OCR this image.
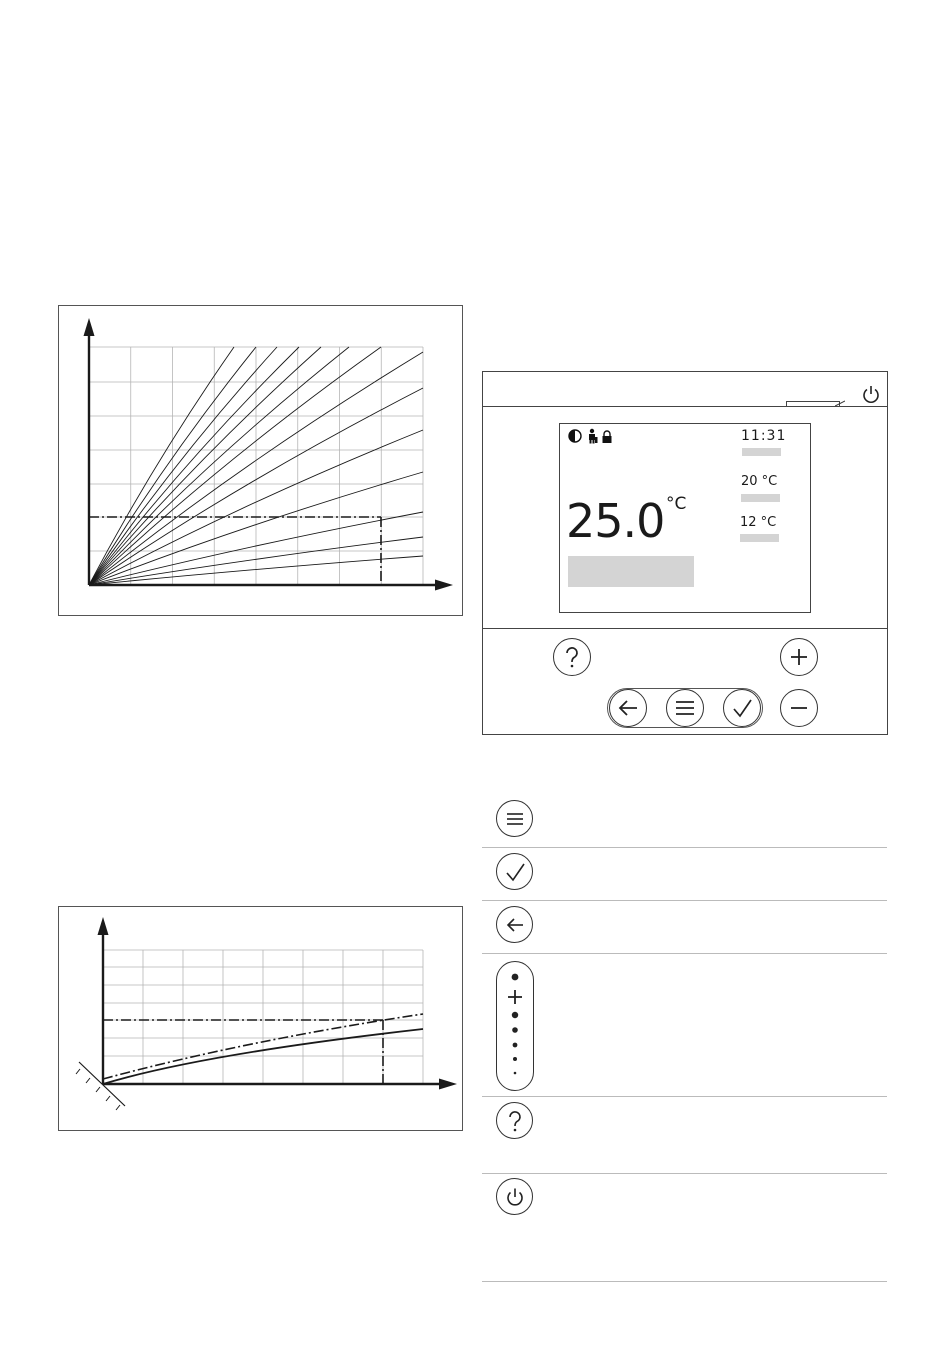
25.0 °C
11:31
20 °C
12 °C
